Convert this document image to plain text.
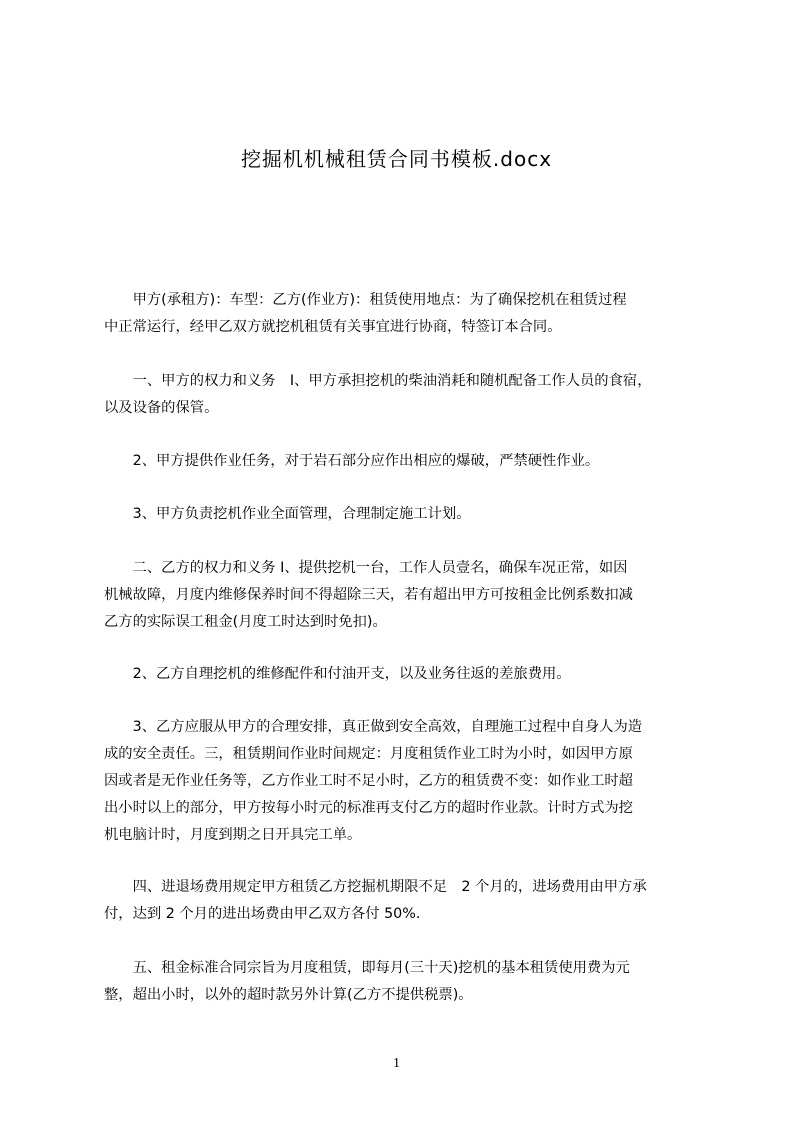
挖掘机机械租赁合同书模板.docx
　　甲方(承租方)：车型：乙方(作业方)：租赁使用地点：为了确保挖机在租赁过程
中正常运行，经甲乙双方就挖机租赁有关事宜进行协商，特签订本合同。
　　一、甲方的权力和义务　I、甲方承担挖机的柴油消耗和随机配备工作人员的食宿，
以及设备的保管。
　　2、甲方提供作业任务，对于岩石部分应作出相应的爆破，严禁硬性作业。
　　3、甲方负责挖机作业全面管理，合理制定施工计划。
　　二、乙方的权力和义务 I、提供挖机一台，工作人员壹名，确保车况正常，如因
机械故障，月度内维修保养时间不得超除三天，若有超出甲方可按租金比例系数扣减
乙方的实际误工租金(月度工时达到时免扣)。
　　2、乙方自理挖机的维修配件和付油开支，以及业务往返的差旅费用。
　　3、乙方应服从甲方的合理安排，真正做到安全高效，自理施工过程中自身人为造
成的安全责任。三，租赁期间作业时间规定：月度租赁作业工时为小时，如因甲方原
因或者是无作业任务等，乙方作业工时不足小时，乙方的租赁费不变：如作业工时超
出小时以上的部分，甲方按每小时元的标准再支付乙方的超时作业款。计时方式为挖
机电脑计时，月度到期之日开具完工单。
　　四、进退场费用规定甲方租赁乙方挖掘机期限不足　2 个月的，进场费用由甲方承
付，达到 2 个月的进出场费由甲乙双方各付 50%.
　　五、租金标准合同宗旨为月度租赁，即每月(三十天)挖机的基本租赁使用费为元
整，超出小时，以外的超时款另外计算(乙方不提供税票)。
1
